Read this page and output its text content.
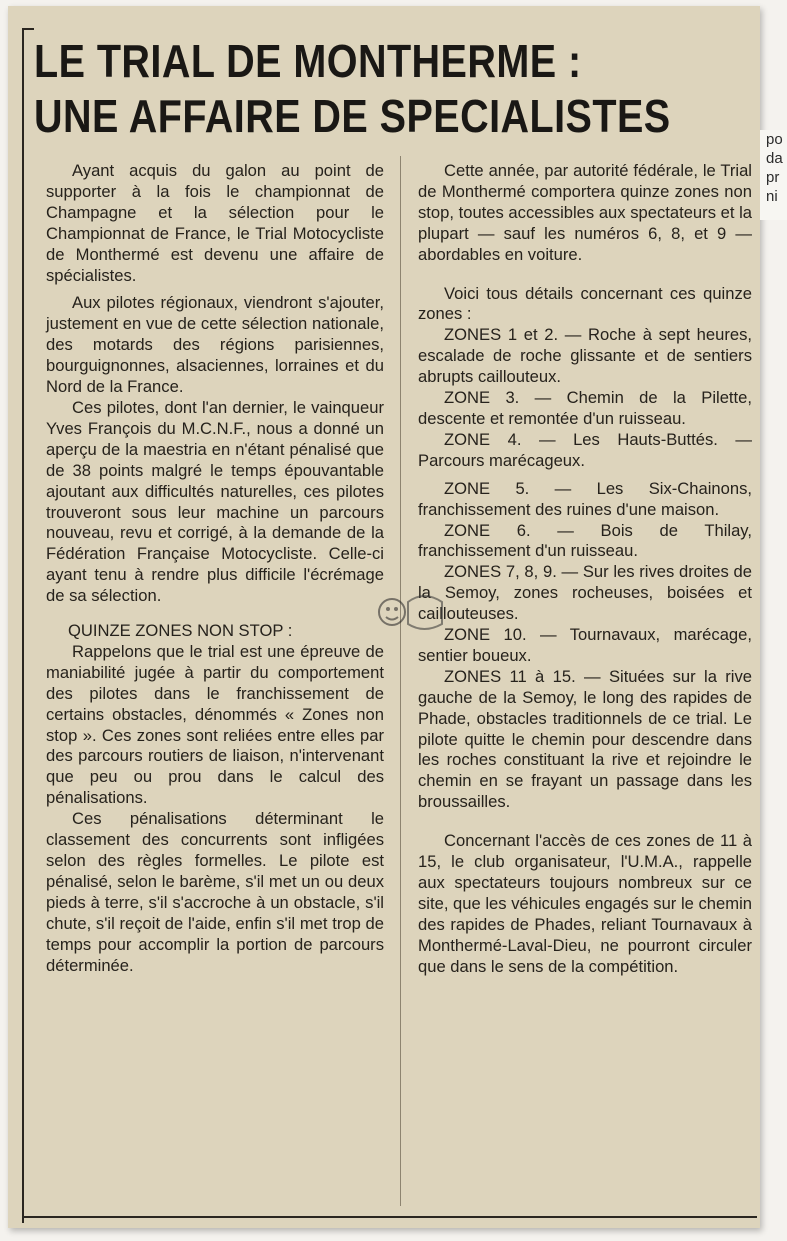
LE TRIAL DE MONTHERME :
UNE AFFAIRE DE SPECIALISTES

Ayant acquis du galon au point de supporter à la fois le championnat de Champagne et la sélection pour le Championnat de France, le Trial Motocycliste de Monthermé est devenu une affaire de spécialistes.

Aux pilotes régionaux, viendront s'ajouter, justement en vue de cette sélection nationale, des motards des régions parisiennes, bourguignonnes, alsaciennes, lorraines et du Nord de la France.

Ces pilotes, dont l'an dernier, le vainqueur Yves François du M.C.N.F., nous a donné un aperçu de la maestria en n'étant pénalisé que de 38 points malgré le temps épouvantable ajoutant aux difficultés naturelles, ces pilotes trouveront sous leur machine un parcours nouveau, revu et corrigé, à la demande de la Fédération Française Motocycliste. Celle-ci ayant tenu à rendre plus difficile l'écrémage de sa sélection.

QUINZE ZONES NON STOP :

Rappelons que le trial est une épreuve de maniabilité jugée à partir du comportement des pilotes dans le franchissement de certains obstacles, dénommés « Zones non stop ». Ces zones sont reliées entre elles par des parcours routiers de liaison, n'intervenant que peu ou prou dans le calcul des pénalisations.

Ces pénalisations déterminant le classement des concurrents sont infligées selon des règles formelles. Le pilote est pénalisé, selon le barème, s'il met un ou deux pieds à terre, s'il s'accroche à un obstacle, s'il chute, s'il reçoit de l'aide, enfin s'il met trop de temps pour accomplir la portion de parcours déterminée.

Cette année, par autorité fédérale, le Trial de Monthermé comportera quinze zones non stop, toutes accessibles aux spectateurs et la plupart — sauf les numéros 6, 8, et 9 — abordables en voiture.

Voici tous détails concernant ces quinze zones :

ZONES 1 et 2. — Roche à sept heures, escalade de roche glissante et de sentiers abrupts caillouteux.

ZONE 3. — Chemin de la Pilette, descente et remontée d'un ruisseau.

ZONE 4. — Les Hauts-Buttés. — Parcours marécageux.

ZONE 5. — Les Six-Chainons, franchissement des ruines d'une maison.

ZONE 6. — Bois de Thilay, franchissement d'un ruisseau.

ZONES 7, 8, 9. — Sur les rives droites de la Semoy, zones rocheuses, boisées et caillouteuses.

ZONE 10. — Tournavaux, marécage, sentier boueux.

ZONES 11 à 15. — Situées sur la rive gauche de la Semoy, le long des rapides de Phade, obstacles traditionnels de ce trial. Le pilote quitte le chemin pour descendre dans les roches constituant la rive et rejoindre le chemin en se frayant un passage dans les broussailles.

Concernant l'accès de ces zones de 11 à 15, le club organisateur, l'U.M.A., rappelle aux spectateurs toujours nombreux sur ce site, que les véhicules engagés sur le chemin des rapides de Phades, reliant Tournavaux à Monthermé-Laval-Dieu, ne pourront circuler que dans le sens de la compétition.

po
da
pr
ni
